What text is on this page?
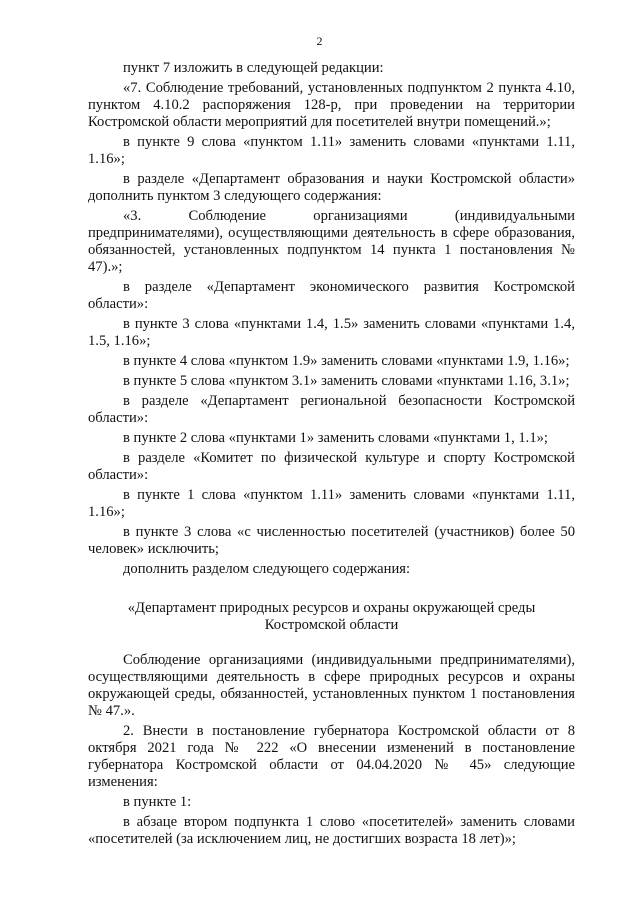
2

пункт 7 изложить в следующей редакции:

«7. Соблюдение требований, установленных подпунктом 2 пункта 4.10, пунктом 4.10.2 распоряжения 128-р, при проведении на территории Костромской области мероприятий для посетителей внутри помещений.»;

в пункте 9 слова «пунктом 1.11» заменить словами «пунктами 1.11, 1.16»;

в разделе «Департамент образования и науки Костромской области» дополнить пунктом 3 следующего содержания:

«3. Соблюдение организациями (индивидуальными предпринимателями), осуществляющими деятельность в сфере образования, обязанностей, установленных подпунктом 14 пункта 1 постановления № 47).»;

в разделе «Департамент экономического развития Костромской области»:

в пункте 3 слова «пунктами 1.4, 1.5» заменить словами «пунктами 1.4, 1.5, 1.16»;

в пункте 4 слова «пунктом 1.9» заменить словами «пунктами 1.9, 1.16»;

в пункте 5 слова «пунктом 3.1» заменить словами «пунктами 1.16, 3.1»;

в разделе «Департамент региональной безопасности Костромской области»:

в пункте 2 слова «пунктами 1» заменить словами «пунктами 1, 1.1»;

в разделе «Комитет по физической культуре и спорту Костромской области»:

в пункте 1 слова «пунктом 1.11» заменить словами «пунктами 1.11, 1.16»;

в пункте 3 слова «с численностью посетителей (участников) более 50 человек» исключить;

дополнить разделом следующего содержания:

«Департамент природных ресурсов и охраны окружающей среды

Костромской области

Соблюдение организациями (индивидуальными предпринимателями), осуществляющими деятельность в сфере природных ресурсов и охраны окружающей среды, обязанностей, установленных пунктом 1 постановления № 47.».

2. Внести в постановление губернатора Костромской области от 8 октября 2021 года № 222 «О внесении изменений в постановление губернатора Костромской области от 04.04.2020 № 45» следующие изменения:

в пункте 1:

в абзаце втором подпункта 1 слово «посетителей» заменить словами «посетителей (за исключением лиц, не достигших возраста 18 лет)»;
